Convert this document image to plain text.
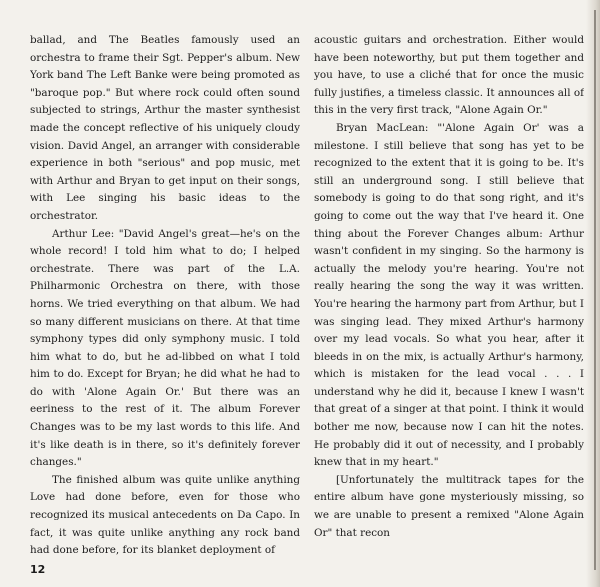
ballad, and The Beatles famously used an orchestra to frame their Sgt. Pepper's album. New York band The Left Banke were being promoted as "baroque pop." But where rock could often sound subjected to strings, Arthur the master synthesist made the concept reflective of his uniquely cloudy vision. David Angel, an arranger with considerable experience in both "serious" and pop music, met with Arthur and Bryan to get input on their songs, with Lee singing his basic ideas to the orchestrator.

Arthur Lee: "David Angel's great—he's on the whole record! I told him what to do; I helped orchestrate. There was part of the L.A. Philharmonic Orchestra on there, with those horns. We tried everything on that album. We had so many different musicians on there. At that time symphony types did only symphony music. I told him what to do, but he ad-libbed on what I told him to do. Except for Bryan; he did what he had to do with 'Alone Again Or.' But there was an eeriness to the rest of it. The album Forever Changes was to be my last words to this life. And it's like death is in there, so it's definitely forever changes."

The finished album was quite unlike anything Love had done before, even for those who recognized its musical antecedents on Da Capo. In fact, it was quite unlike anything any rock band had done before, for its blanket deployment of

acoustic guitars and orchestration. Either would have been noteworthy, but put them together and you have, to use a cliché that for once the music fully justifies, a timeless classic. It announces all of this in the very first track, "Alone Again Or."

Bryan MacLean: "'Alone Again Or' was a milestone. I still believe that song has yet to be recognized to the extent that it is going to be. It's still an underground song. I still believe that somebody is going to do that song right, and it's going to come out the way that I've heard it. One thing about the Forever Changes album: Arthur wasn't confident in my singing. So the harmony is actually the melody you're hearing. You're not really hearing the song the way it was written. You're hearing the harmony part from Arthur, but I was singing lead. They mixed Arthur's harmony over my lead vocals. So what you hear, after it bleeds in on the mix, is actually Arthur's harmony, which is mistaken for the lead vocal . . . I understand why he did it, because I knew I wasn't that great of a singer at that point. I think it would bother me now, because now I can hit the notes. He probably did it out of necessity, and I probably knew that in my heart."

[Unfortunately the multitrack tapes for the entire album have gone mysteriously missing, so we are unable to present a remixed "Alone Again Or" that recon

12
